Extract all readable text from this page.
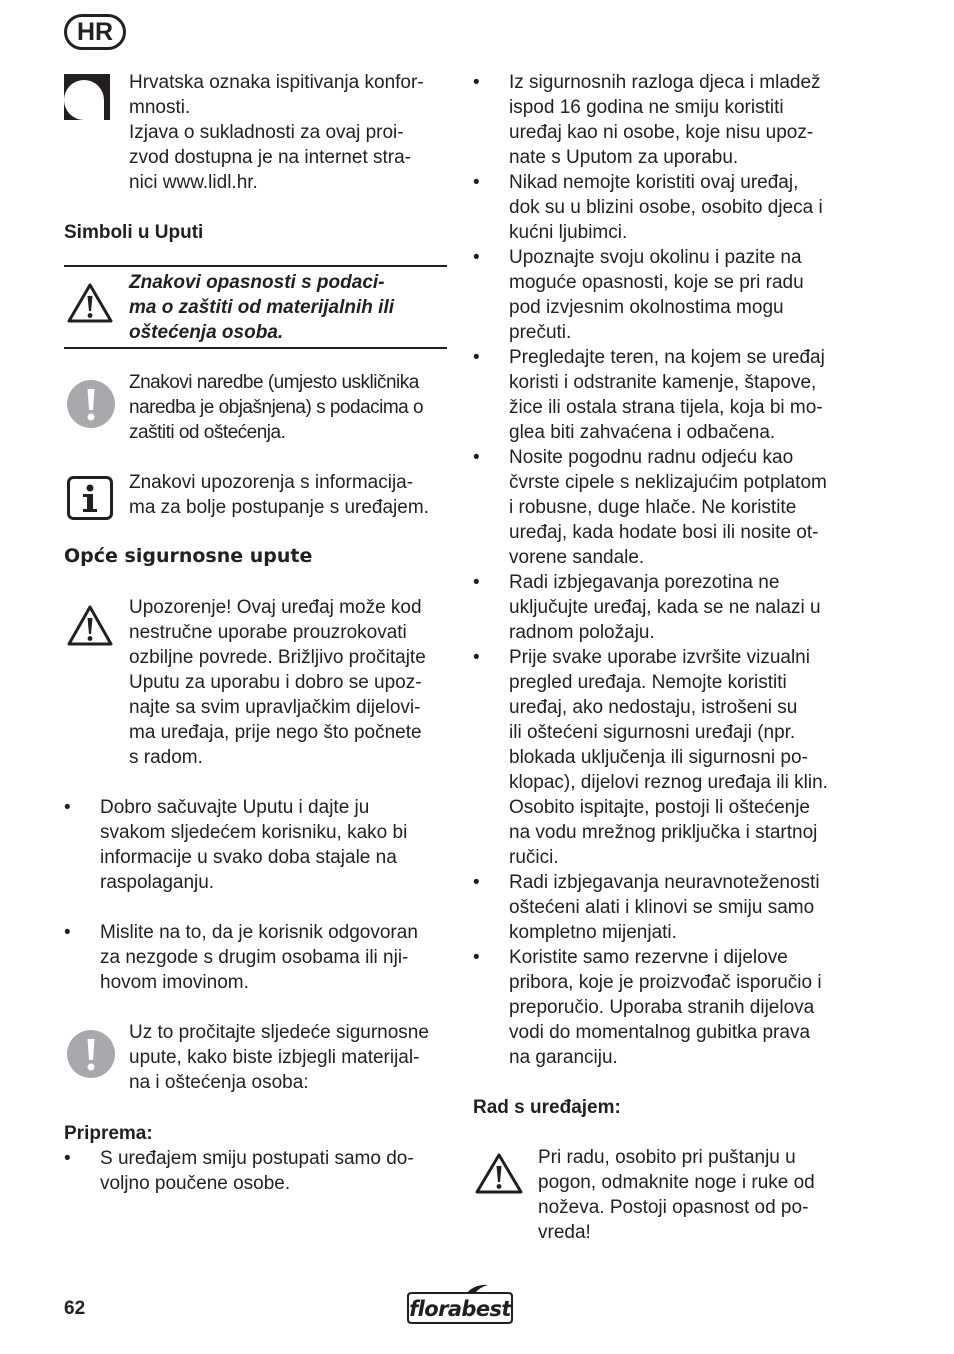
HR
Hrvatska oznaka ispitivanja konfor-
mnosti.
Izjava o sukladnosti za ovaj proi-
zvod dostupna je na internet stra-
nici www.lidl.hr.
Simboli u Uputi
Znakovi opasnosti s podaci-
ma o zaštiti od materijalnih ili
oštećenja osoba.
Znakovi naredbe (umjesto uskličnika
naredba je objašnjena) s podacima o
zaštiti od oštećenja.
Znakovi upozorenja s informacija-
ma za bolje postupanje s uređajem.
Opće sigurnosne upute
Upozorenje! Ovaj uređaj može kod
nestručne uporabe prouzrokovati
ozbiljne povrede. Brižljivo pročitajte
Uputu za uporabu i dobro se upoz-
najte sa svim upravljačkim dijelovi-
ma uređaja, prije nego što počnete
s radom.
• Dobro sačuvajte Uputu i dajte ju
svakom sljedećem korisniku, kako bi
informacije u svako doba stajale na
raspolaganju.
• Mislite na to, da je korisnik odgovoran
za nezgode s drugim osobama ili nji-
hovom imovinom.
Uz to pročitajte sljedeće sigurnosne
upute, kako biste izbjegli materijal-
na i oštećenja osoba:
Priprema:
• S uređajem smiju postupati samo do-
voljno poučene osobe.
• Iz sigurnosnih razloga djeca i mladež
ispod 16 godina ne smiju koristiti
uređaj kao ni osobe, koje nisu upoz-
nate s Uputom za uporabu.
• Nikad nemojte koristiti ovaj uređaj,
dok su u blizini osobe, osobito djeca i
kućni ljubimci.
• Upoznajte svoju okolinu i pazite na
moguće opasnosti, koje se pri radu
pod izvjesnim okolnostima mogu
prečuti.
• Pregledajte teren, na kojem se uređaj
koristi i odstranite kamenje, štapove,
žice ili ostala strana tijela, koja bi mo-
glea biti zahvaćena i odbačena.
• Nosite pogodnu radnu odjeću kao
čvrste cipele s neklizajućim potplatom
i robusne, duge hlače. Ne koristite
uređaj, kada hodate bosi ili nosite ot-
vorene sandale.
• Radi izbjegavanja porezotina ne
uključujte uređaj, kada se ne nalazi u
radnom položaju.
• Prije svake uporabe izvršite vizualni
pregled uređaja. Nemojte koristiti
uređaj, ako nedostaju, istrošeni su
ili oštećeni sigurnosni uređaji (npr.
blokada uključenja ili sigurnosni po-
klopac), dijelovi reznog uređaja ili klin.
Osobito ispitajte, postoji li oštećenje
na vodu mrežnog priključka i startnoj
ručici.
• Radi izbjegavanja neuravnoteženosti
oštećeni alati i klinovi se smiju samo
kompletno mijenjati.
• Koristite samo rezervne i dijelove
pribora, koje je proizvođač isporučio i
preporučio. Uporaba stranih dijelova
vodi do momentalnog gubitka prava
na garanciju.
Rad s uređajem:
Pri radu, osobito pri puštanju u
pogon, odmaknite noge i ruke od
noževa. Postoji opasnost od po-
vreda!
62	florabest
